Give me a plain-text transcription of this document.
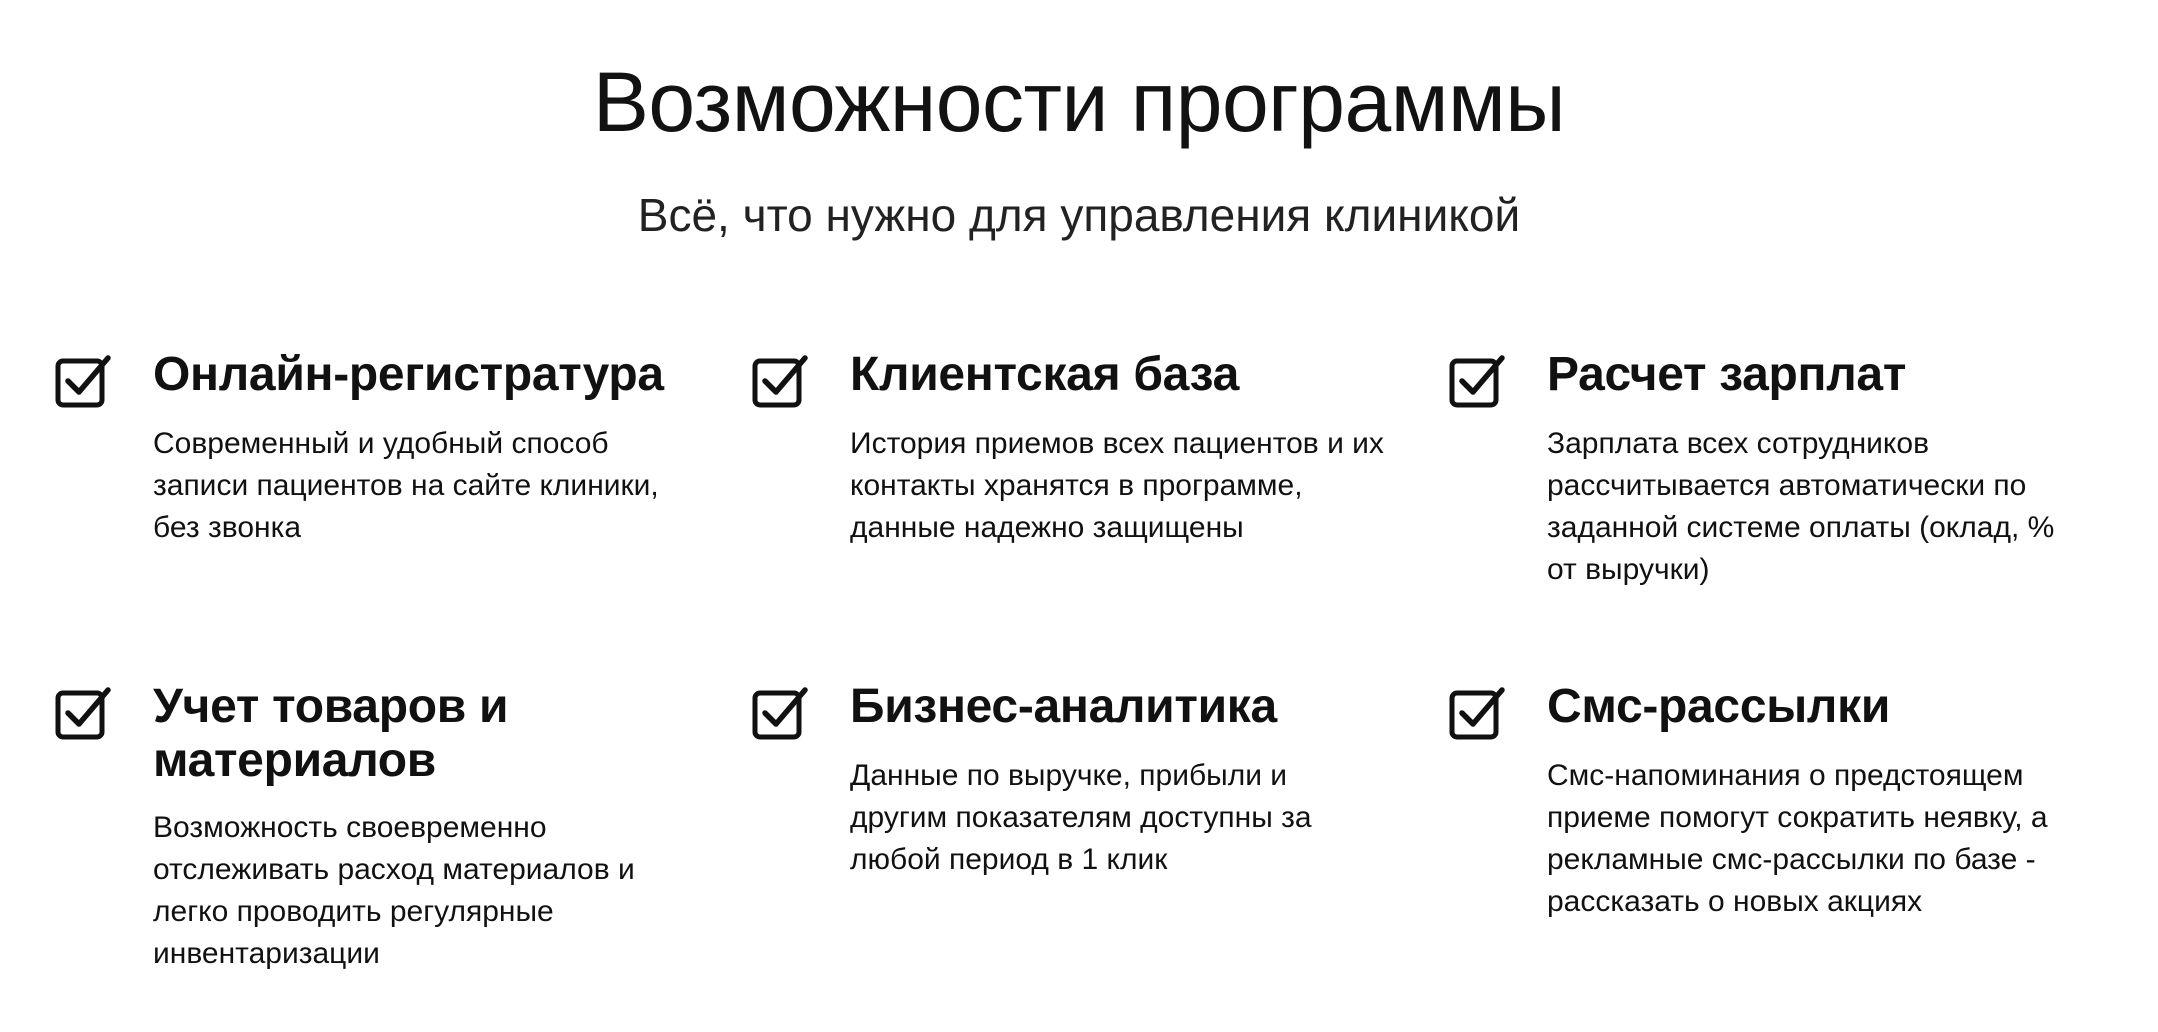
Возможности программы
Всё, что нужно для управления клиникой
Онлайн-регистратура
Современный и удобный способ записи пациентов на сайте клиники, без звонка
Клиентская база
История приемов всех пациентов и их контакты хранятся в программе, данные надежно защищены
Расчет зарплат
Зарплата всех сотрудников рассчитывается автоматически по заданной системе оплаты (оклад, % от выручки)
Учет товаров и материалов
Возможность своевременно отслеживать расход материалов и легко проводить регулярные инвентаризации
Бизнес-аналитика
Данные по выручке, прибыли и другим показателям доступны за любой период в 1 клик
Смс-рассылки
Смс-напоминания о предстоящем приеме помогут сократить неявку, а рекламные смс-рассылки по базе - рассказать о новых акциях
